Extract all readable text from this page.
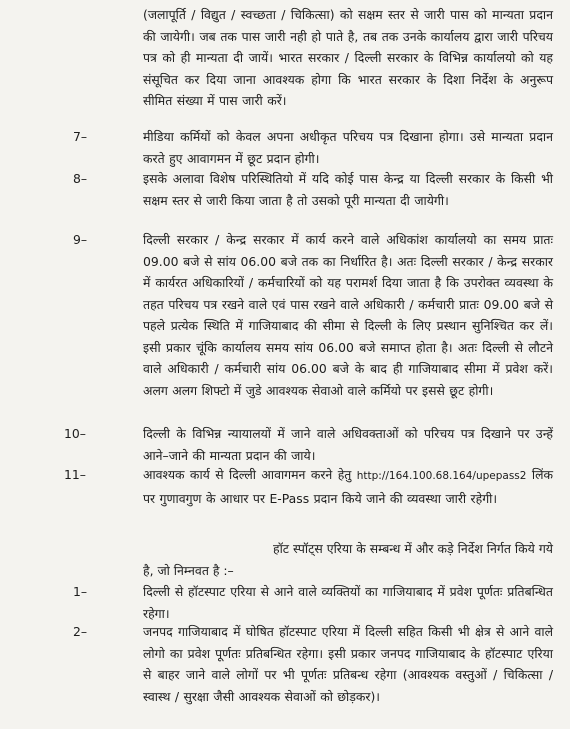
(जलापूर्ति / विद्युत / स्वच्छता / चिकित्सा) को सक्षम स्तर से जारी पास को मान्यता प्रदान की जायेगी। जब तक पास जारी नही हो पाते है, तब तक उनके कार्यालय द्वारा जारी परिचय पत्र को ही मान्यता दी जायें। भारत सरकार / दिल्ली सरकार के विभिन्न कार्यालयो को यह संसूचित कर दिया जाना आवश्यक होगा कि भारत सरकार के दिशा निर्देश के अनुरूप सीमित संख्या में पास जारी करें।

7–	मीडिया कर्मियों को केवल अपना अधीकृत परिचय पत्र दिखाना होगा। उसे मान्यता प्रदान करते हुए आवागमन में छूट प्रदान होगी।

8–	इसके अलावा विशेष परिस्थितियो में यदि कोई पास केन्द्र या दिल्ली सरकार के किसी भी सक्षम स्तर से जारी किया जाता है तो उसको पूरी मान्यता दी जायेगी।

9–	दिल्ली सरकार / केन्द्र सरकार में कार्य करने वाले अधिकांश कार्यालयो का समय प्रातः 09.00 बजे से सांय 06.00 बजे तक का निर्धारित है। अतः दिल्ली सरकार / केन्द्र सरकार में कार्यरत अधिकारियों / कर्मचारियों को यह परामर्श दिया जाता है कि उपरोक्त व्यवस्था के तहत परिचय पत्र रखने वाले एवं पास रखने वाले अधिकारी / कर्मचारी प्रातः 09.00 बजे से पहले प्रत्येक स्थिति में गाजियाबाद की सीमा से दिल्ली के लिए प्रस्थान सुनिश्चित कर लें। इसी प्रकार चूंकि कार्यालय समय सांय 06.00 बजे समाप्त होता है। अतः दिल्ली से लौटने वाले अधिकारी / कर्मचारी सांय 06.00 बजे के बाद ही गाजियाबाद सीमा में प्रवेश करें। अलग अलग शिफ्टो में जुडे आवश्यक सेवाओ वाले कर्मियो पर इससे छूट होगी।

10–	दिल्ली के विभिन्न न्यायालयों में जाने वाले अधिवक्ताओं को परिचय पत्र दिखाने पर उन्हें आने–जाने की मान्यता प्रदान की जाये।

11–	आवश्यक कार्य से दिल्ली आवागमन करने हेतु http://164.100.68.164/upepass2 लिंक पर गुणावगुण के आधार पर E-Pass प्रदान किये जाने की व्यवस्था जारी रहेगी।

हॉट स्पॉट्स एरिया के सम्बन्ध में और कड़े निर्देश निर्गत किये गये है, जो निम्नवत है :–

1–	दिल्ली से हॉटस्पाट एरिया से आने वाले व्यक्तियों का गाजियाबाद में प्रवेश पूर्णतः प्रतिबन्धित रहेगा।

2–	जनपद गाजियाबाद में घोषित हॉटस्पाट एरिया में दिल्ली सहित किसी भी क्षेत्र से आने वाले लोगो का प्रवेश पूर्णतः प्रतिबन्धित रहेगा। इसी प्रकार जनपद गाजियाबाद के हॉटस्पाट एरिया से बाहर जाने वाले लोगों पर भी पूर्णतः प्रतिबन्ध रहेगा (आवश्यक वस्तुओं / चिकित्सा / स्वास्थ / सुरक्षा जैसी आवश्यक सेवाओं को छोड़कर)।
